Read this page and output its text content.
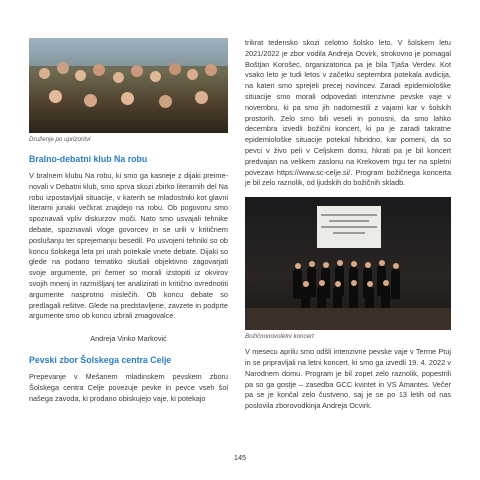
Druženje po uprizoritvi
Bralno-debatni klub Na robu

V bralnem klubu Na robu, ki smo ga kasneje z dijaki preimenovali v Debatni klub, smo sprva skozi zbirko literarnih del Na robu izpostavljali situacije, v katerih se mladostniki kot glavni literarni junaki večkrat znajdejo na robu. Ob pogovoru smo spoznavali vpliv diskurzov moči. Nato smo usvajali tehnike debate, spoznavali vloge govorcev in se urili v kritičnem poslušanju ter sprejemanju besedil. Po usvojeni tehniki so ob koncu šolskega leta pri urah potekale vnete debate. Dijaki so glede na podano tematiko skušali objektivno zagovarjati svoje argumente, pri čemer so morali izstopiti iz okvirov svojih mnenj in razmišljanj ter analizirati in kritično ovrednotiti argumente nasprotno mislečih. Ob koncu debate so predlagali rešitve. Glede na predstavljene, zavzete in podprte argumente smo ob koncu izbrali zmagovalce.

Andreja Vinko Marković
Pevski zbor Šolskega centra Celje

Prepevanje v Mešanem mladinskem pevskem zboru Šolskega centra Celje povezuje pevke in pevce vseh šol našega zavoda, ki prodano obiskujejo vaje, ki potekajo

trikrat tedensko skozi celotno šolsko leto. V šolskem letu 2021/2022 je zbor vodila Andreja Ocvirk, strokovno je pomagal Boštjan Korošec, organizatorica pa je bila Tjaša Verdev. Kot vsako leto je tudi letos v začetku septembra potekala avdicija, na kateri smo sprejeli precej novincev. Zaradi epidemiološke situacije smo morali odpovedati intenzivne pevske vaje v novembru, ki pa smo jih nadomestili z vajami kar v šolskih prostorih. Zelo smo bili veseli in ponosni, da smo lahko decembra izvedli božični koncert, ki pa je zaradi takratne epidemiološke situacije potekal hibridno, kar pomeni, da so pevci v živo peli v Celjskem domu, hkrati pa je bil koncert predvajan na velikem zaslonu na Krekovem trgu ter na spletni povezavi https://www.sc-celje.si/. Program božičnega koncerta je bil zelo raznolik, od ljudskih do božičnih skladb.

Božičnonovoletni koncert

V mesecu aprilu smo odšli intenzivne pevske vaje v Terme Ptuj in se pripravljali na letni koncert, ki smo ga izvedli 19. 4. 2022 v Narodnem domu. Program je bil zopet zelo raznolik, popestrili pa so ga gostje – zasedba GCC kvintet in VS Amantes. Večer pa se je končal zelo čustveno, saj je se po 13 letih od nas poslovila zborovodkinja Andreja Ocvirk.

145
